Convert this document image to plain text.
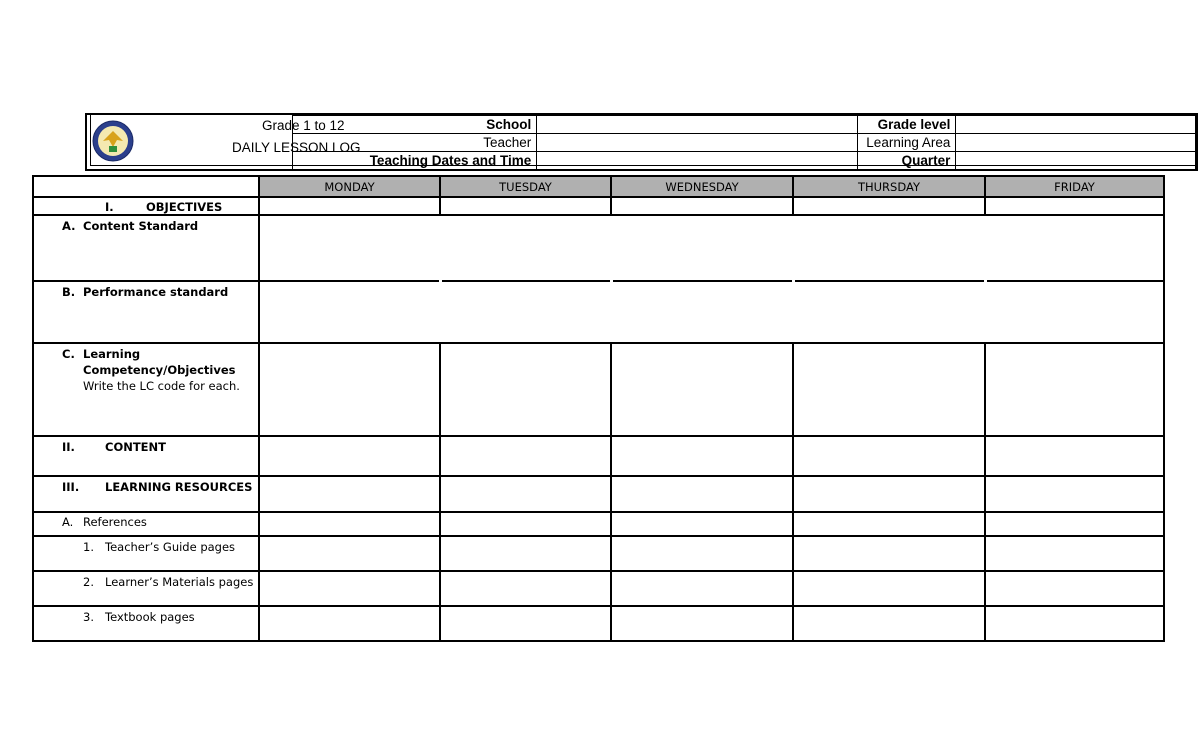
Grade 1 to 12
DAILY LESSON LOG
School		Grade level	
Teacher		Learning Area	
Teaching Dates and Time		Quarter	
MONDAY	TUESDAY	WEDNESDAY	THURSDAY	FRIDAY
I.	OBJECTIVES
A. Content Standard
B. Performance standard
C. Learning
Competency/Objectives
Write the LC code for each.
II.	CONTENT
III. LEARNING RESOURCES
A. References
1. Teacher’s Guide pages
2. Learner’s Materials pages
3. Textbook pages
